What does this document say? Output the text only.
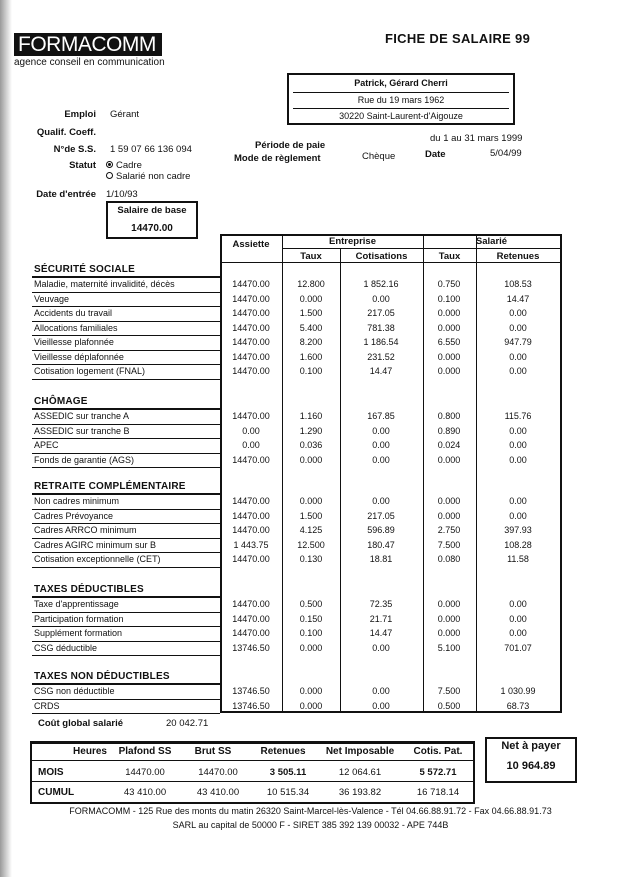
FORMACOMM
agence conseil en communication
FICHE DE SALAIRE 99
Patrick, Gérard Cherri
Rue du 19 mars 1962
30220 Saint-Laurent-d'Aigouze
Emploi Gérant
Qualif. Coeff.
N°de S.S. 1 59 07 66 136 094
Statut	Cadre
Salarié non cadre
Date d'entrée 1/10/93
Période de paie
du 1 au 31 mars 1999
Mode de règlement	Chèque	Date	5/04/99
Salaire de base
14470.00
Assiette	Entreprise	Salarié
Taux	Cotisations	Taux	Retenues
SÉCURITÉ SOCIALE
Maladie, maternité invalidité, décès	14470.00	12.800	1 852.16	0.750	108.53
Veuvage	14470.00	0.000	0.00	0.100	14.47
Accidents du travail	14470.00	1.500	217.05	0.000	0.00
Allocations familiales	14470.00	5.400	781.38	0.000	0.00
Vieillesse plafonnée	14470.00	8.200	1 186.54	6.550	947.79
Vieillesse déplafonnée	14470.00	1.600	231.52	0.000	0.00
Cotisation logement (FNAL)	14470.00	0.100	14.47	0.000	0.00
CHÔMAGE
ASSEDIC sur tranche A	14470.00	1.160	167.85	0.800	115.76
ASSEDIC sur tranche B	0.00	1.290	0.00	0.890	0.00
APEC	0.00	0.036	0.00	0.024	0.00
Fonds de garantie (AGS)	14470.00	0.000	0.00	0.000	0.00
RETRAITE COMPLÉMENTAIRE
Non cadres minimum	14470.00	0.000	0.00	0.000	0.00
Cadres Prévoyance	14470.00	1.500	217.05	0.000	0.00
Cadres ARRCO minimum	14470.00	4.125	596.89	2.750	397.93
Cadres AGIRC minimum sur B	1 443.75	12.500	180.47	7.500	108.28
Cotisation exceptionnelle (CET)	14470.00	0.130	18.81	0.080	11.58
TAXES DÉDUCTIBLES
Taxe d'apprentissage	14470.00	0.500	72.35	0.000	0.00
Participation formation	14470.00	0.150	21.71	0.000	0.00
Supplément formation	14470.00	0.100	14.47	0.000	0.00
CSG déductible	13746.50	0.000	0.00	5.100	701.07
TAXES NON DÉDUCTIBLES
CSG non déductible	13746.50	0.000	0.00	7.500	1 030.99
CRDS	13746.50	0.000	0.00	0.500	68.73
Coût global salarié	20 042.71
Heures	Plafond SS	Brut SS	Retenues	Net Imposable	Cotis. Pat.
MOIS	14470.00	14470.00	3 505.11	12 064.61	5 572.71
CUMUL	43 410.00	43 410.00	10 515.34	36 193.82	16 718.14
Net à payer
10 964.89
FORMACOMM - 125 Rue des monts du matin 26320 Saint-Marcel-lès-Valence - Tél 04.66.88.91.72 - Fax 04.66.88.91.73
SARL au capital de 50000 F - SIRET 385 392 139 00032 - APE 744B
